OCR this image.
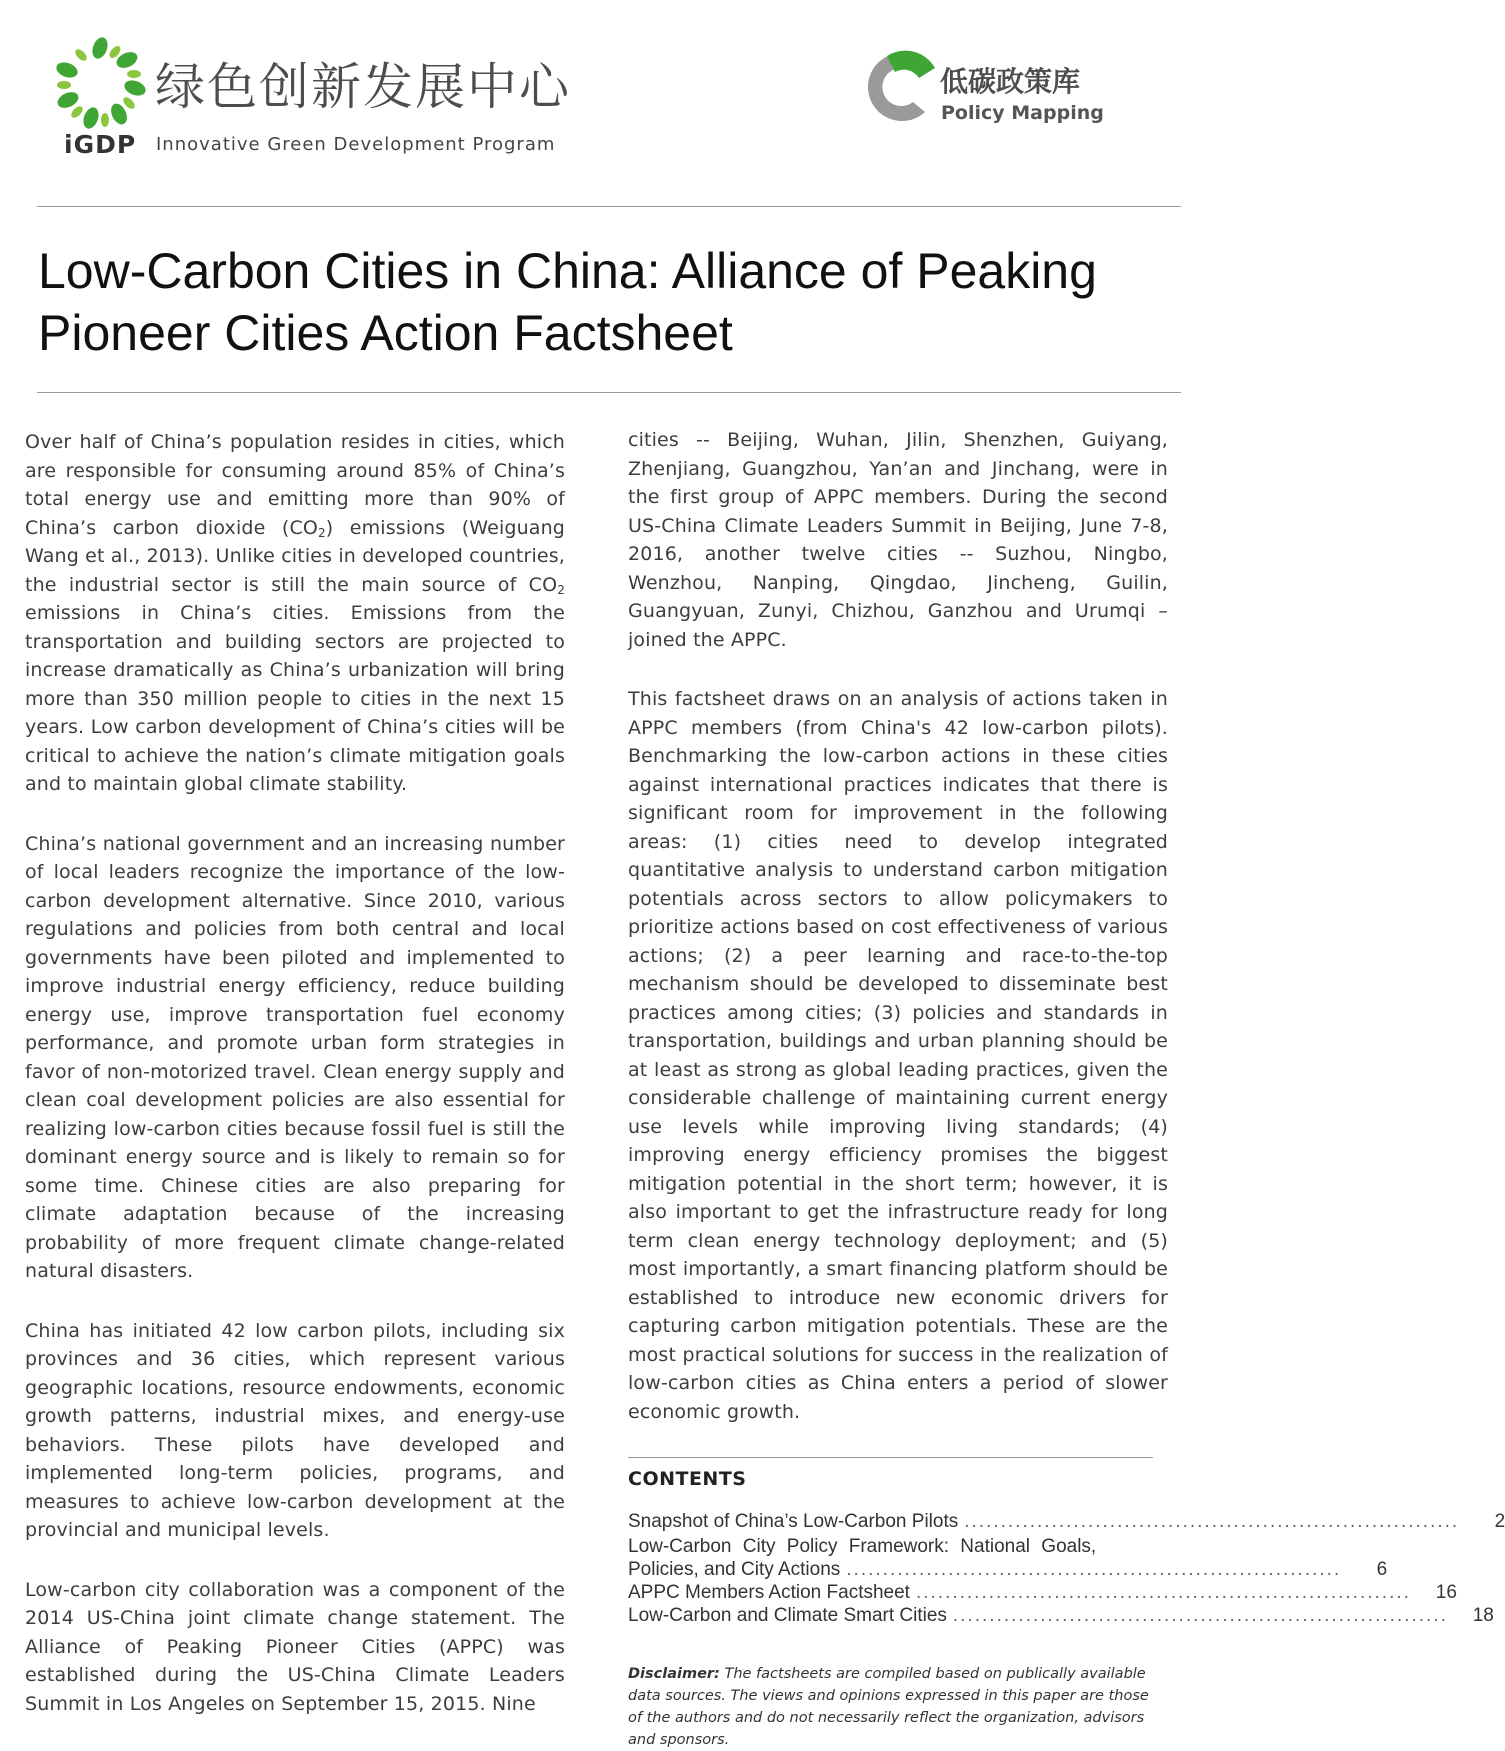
绿色创新发展中心
iGDP Innovative Green Development Program
低碳政策库
Policy Mapping
Low-Carbon Cities in China: Alliance of Peaking
Pioneer Cities Action Factsheet

Over half of China’s population resides in cities, which are responsible for consuming around 85% of China’s total energy use and emitting more than 90% of China’s carbon dioxide $(CO_2)$ emissions (Weiguang Wang et al., 2013). Unlike cities in developed countries, the industrial sector is still the main source of $CO_2$ emissions in China’s cities. Emissions from the transportation and building sectors are projected to increase dramatically as China’s urbanization will bring more than 350 million people to cities in the next 15 years. Low carbon development of China’s cities will be critical to achieve the nation’s climate mitigation goals and to maintain global climate stability.

China’s national government and an increasing number of local leaders recognize the importance of the low-carbon development alternative. Since 2010, various regulations and policies from both central and local governments have been piloted and implemented to improve industrial energy efficiency, reduce building energy use, improve transportation fuel economy performance, and promote urban form strategies in favor of non-motorized travel. Clean energy supply and clean coal development policies are also essential for realizing low-carbon cities because fossil fuel is still the dominant energy source and is likely to remain so for some time. Chinese cities are also preparing for climate adaptation because of the increasing probability of more frequent climate change-related natural disasters.

China has initiated 42 low carbon pilots, including six provinces and 36 cities, which represent various geographic locations, resource endowments, economic growth patterns, industrial mixes, and energy-use behaviors. These pilots have developed and implemented long-term policies, programs, and measures to achieve low-carbon development at the provincial and municipal levels.

Low-carbon city collaboration was a component of the 2014 US-China joint climate change statement. The Alliance of Peaking Pioneer Cities (APPC) was established during the US-China Climate Leaders Summit in Los Angeles on September 15, 2015. Nine

cities -- Beijing, Wuhan, Jilin, Shenzhen, Guiyang, Zhenjiang, Guangzhou, Yan’an and Jinchang, were in the first group of APPC members. During the second US-China Climate Leaders Summit in Beijing, June 7-8, 2016, another twelve cities -- Suzhou, Ningbo, Wenzhou, Nanping, Qingdao, Jincheng, Guilin, Guangyuan, Zunyi, Chizhou, Ganzhou and Urumqi – joined the APPC.

This factsheet draws on an analysis of actions taken in APPC members (from China's 42 low-carbon pilots). Benchmarking the low-carbon actions in these cities against international practices indicates that there is significant room for improvement in the following areas: (1) cities need to develop integrated quantitative analysis to understand carbon mitigation potentials across sectors to allow policymakers to prioritize actions based on cost effectiveness of various actions; (2) a peer learning and race-to-the-top mechanism should be developed to disseminate best practices among cities; (3) policies and standards in transportation, buildings and urban planning should be at least as strong as global leading practices, given the considerable challenge of maintaining current energy use levels while improving living standards; (4) improving energy efficiency promises the biggest mitigation potential in the short term; however, it is also important to get the infrastructure ready for long term clean energy technology deployment; and (5) most importantly, a smart financing platform should be established to introduce new economic drivers for capturing carbon mitigation potentials. These are the most practical solutions for success in the realization of low-carbon cities as China enters a period of slower economic growth.

CONTENTS
Snapshot of China’s Low-Carbon Pilots ....................................................................	2
Low-Carbon City Policy Framework: National Goals,
Policies, and City Actions ....................................................................	6
APPC Members Action Factsheet ....................................................................	16
Low-Carbon and Climate Smart Cities ....................................................................	18
Disclaimer: The factsheets are compiled based on publically available data sources. The views and opinions expressed in this paper are those of the authors and do not necessarily reflect the organization, advisors and sponsors.
